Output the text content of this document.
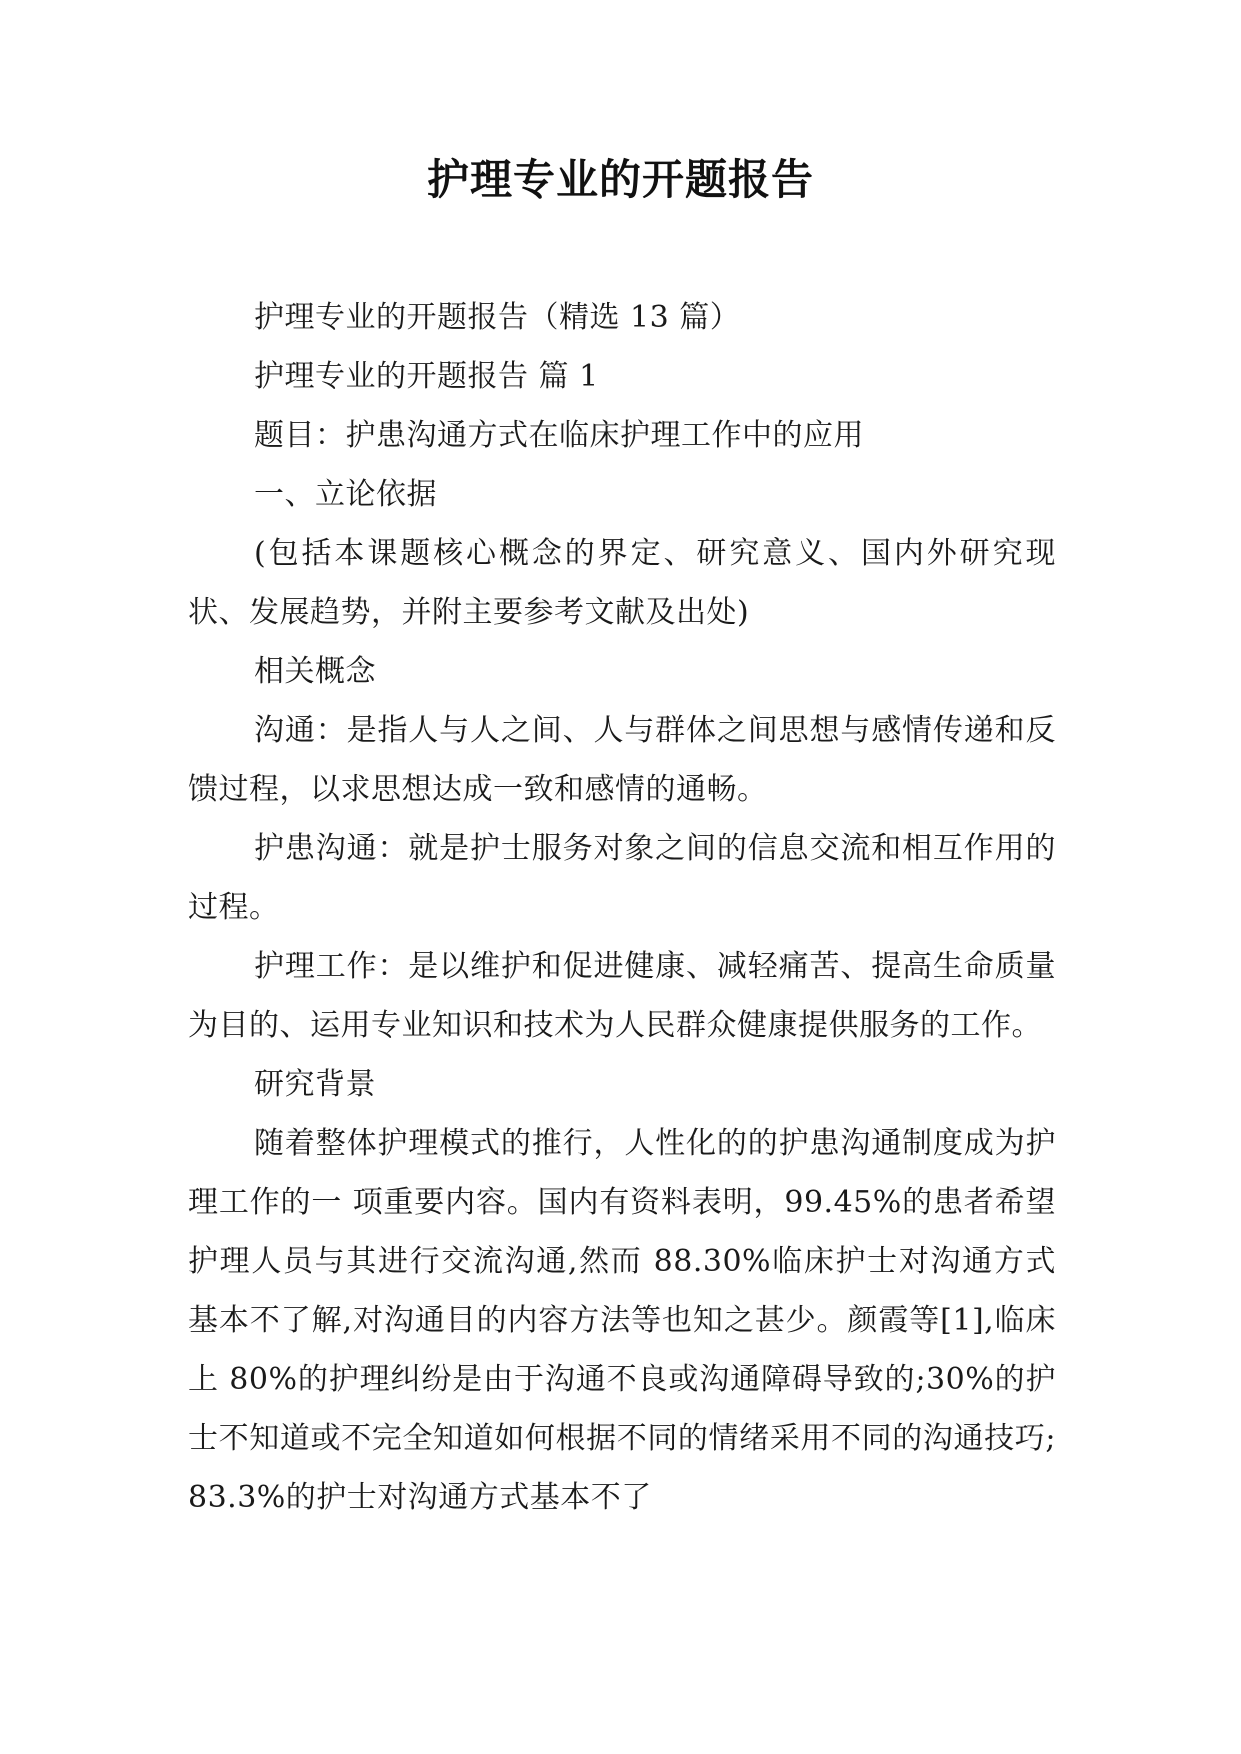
护理专业的开题报告

护理专业的开题报告（精选 13 篇）

护理专业的开题报告 篇 1

题目：护患沟通方式在临床护理工作中的应用

一、立论依据

(包括本课题核心概念的界定、研究意义、国内外研究现状、发展趋势，并附主要参考文献及出处)

相关概念

沟通：是指人与人之间、人与群体之间思想与感情传递和反馈过程，以求思想达成一致和感情的通畅。

护患沟通：就是护士服务对象之间的信息交流和相互作用的过程。

护理工作：是以维护和促进健康、减轻痛苦、提高生命质量为目的、运用专业知识和技术为人民群众健康提供服务的工作。

研究背景

随着整体护理模式的推行，人性化的的护患沟通制度成为护理工作的一 项重要内容。国内有资料表明，99.45%的患者希望护理人员与其进行交流沟通,然而 88.30%临床护士对沟通方式基本不了解,对沟通目的内容方法等也知之甚少。颜霞等[1],临床上 80%的护理纠纷是由于沟通不良或沟通障碍导致的;30%的护士不知道或不完全知道如何根据不同的情绪采用不同的沟通技巧;83.3%的护士对沟通方式基本不了
